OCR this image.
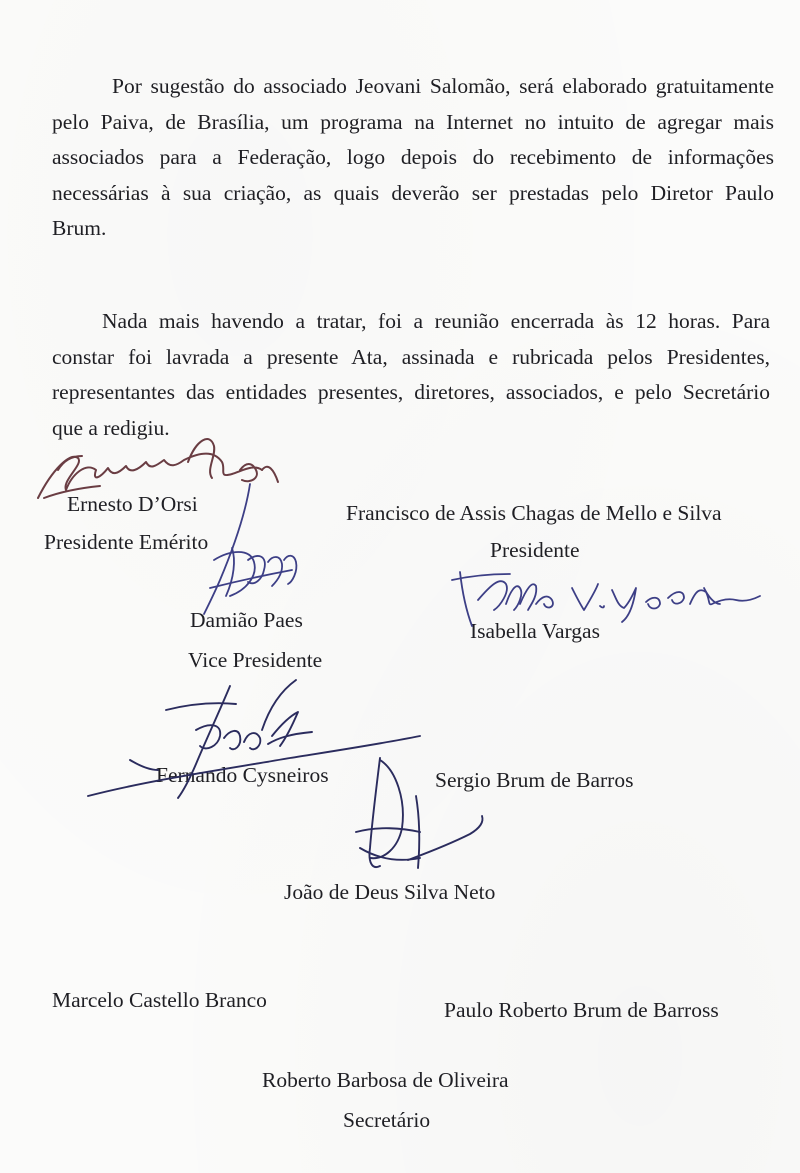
Por sugestão do associado Jeovani Salomão, será elaborado gratuitamente
pelo Paiva, de Brasília, um programa na Internet no intuito de agregar mais
associados para a Federação, logo depois do recebimento de informações
necessárias à sua criação, as quais deverão ser prestadas pelo Diretor Paulo
Brum.
Nada mais havendo a tratar, foi a reunião encerrada às 12 horas. Para
constar foi lavrada a presente Ata, assinada e rubricada pelos Presidentes,
representantes das entidades presentes, diretores, associados, e pelo Secretário
que a redigiu.
Ernesto D’Orsi
Presidente Emérito
Francisco de Assis Chagas de Mello e Silva
Presidente
Damião Paes
Vice Presidente
Isabella Vargas
Fernando Cysneiros	Sergio Brum de Barros
João de Deus Silva Neto
Marcelo Castello Branco	Paulo Roberto Brum de Barross
Roberto Barbosa de Oliveira
Secretário
